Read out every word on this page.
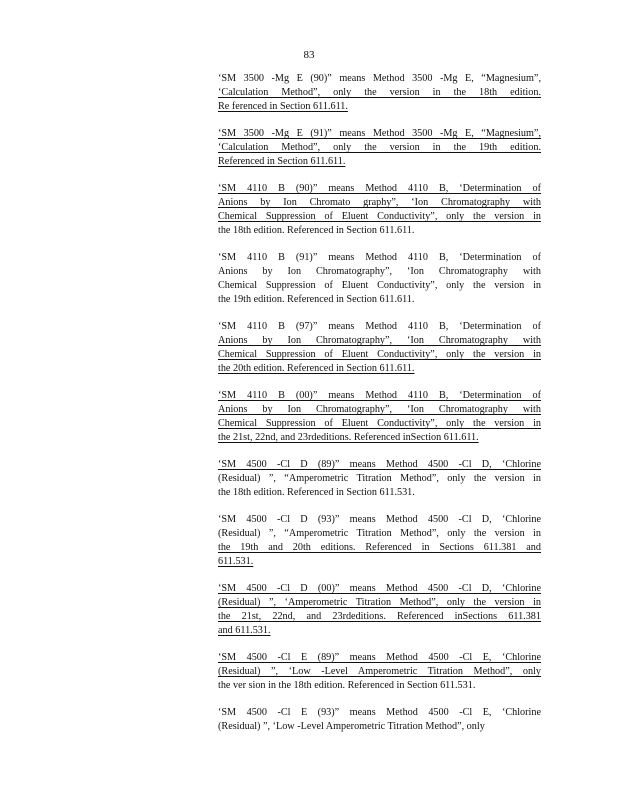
83
‘SM 3500 -Mg E (90)” means Method 3500 -Mg E, “Magnesium”,
‘Calculation Method”, only the version in the 18th edition.
Re ferenced in Section 611.611.
‘SM 3500 -Mg E (91)” means Method 3500 -Mg E, “Magnesium”,
‘Calculation Method”, only the version in the 19th edition.
Referenced in Section 611.611.
‘SM 4110 B (90)” means Method 4110 B, ‘Determination of
Anions by Ion Chromato graphy”, ‘Ion Chromatography with
Chemical Suppression of Eluent Conductivity”, only the version in
the 18th edition. Referenced in Section 611.611.
‘SM 4110 B (91)” means Method 4110 B, ‘Determination of
Anions by Ion Chromatography”, ‘Ion Chromatography with
Chemical Suppression of Eluent Conductivity”, only the version in
the 19th edition. Referenced in Section 611.611.
‘SM 4110 B (97)” means Method 4110 B, ‘Determination of
Anions by Ion Chromatography”, ‘Ion Chromatography with
Chemical Suppression of Eluent Conductivity”, only the version in
the 20th edition. Referenced in Section 611.611.
‘SM 4110 B (00)” means Method 4110 B, ‘Determination of
Anions by Ion Chromatography”, ‘Ion Chromatography with
Chemical Suppression of Eluent Conductivity”, only the version in
the 21st, 22nd, and 23rdeditions. Referenced inSection 611.611.
‘SM 4500 -Cl D (89)” means Method 4500 -Cl D, ‘Chlorine
(Residual) ”, “Amperometric Titration Method”, only the version in
the 18th edition. Referenced in Section 611.531.
‘SM 4500 -Cl D (93)” means Method 4500 -Cl D, ‘Chlorine
(Residual) ”, “Amperometric Titration Method”, only the version in
the 19th and 20th editions. Referenced in Sections 611.381 and
611.531.
‘SM 4500 -Cl D (00)” means Method 4500 -Cl D, ‘Chlorine
(Residual) ”, ‘Amperometric Titration Method”, only the version in
the 21st, 22nd, and 23rdeditions. Referenced inSections 611.381
and 611.531.
‘SM 4500 -Cl E (89)” means Method 4500 -Cl E, ‘Chlorine
(Residual) ”, ‘Low -Level Amperometric Titration Method”, only
the ver sion in the 18th edition. Referenced in Section 611.531.
‘SM 4500 -Cl E (93)” means Method 4500 -Cl E, ‘Chlorine
(Residual) ”, ‘Low -Level Amperometric Titration Method”, only
